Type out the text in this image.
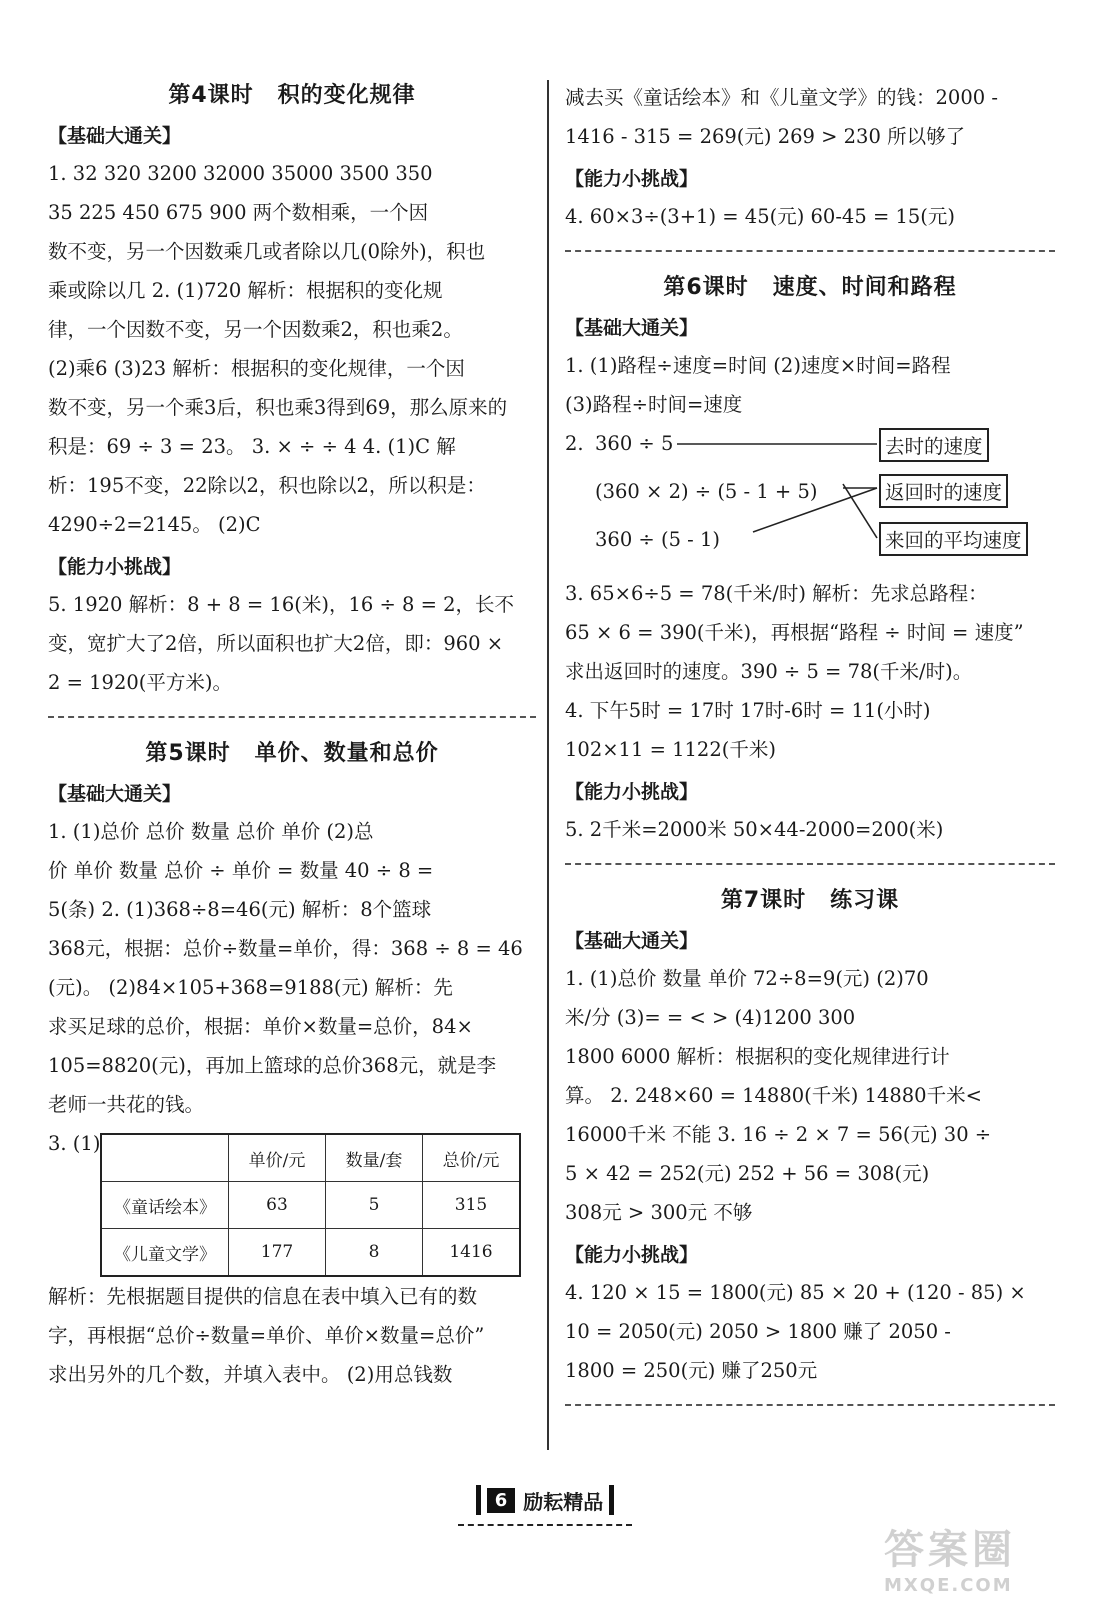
第4课时 积的变化规律
【基础大通关】

1. 32 320 3200 32000 35000 3500 350

35 225 450 675 900 两个数相乘，一个因

数不变，另一个因数乘几或者除以几(0除外)，积也

乘或除以几 2. (1)720 解析：根据积的变化规

律，一个因数不变，另一个因数乘2，积也乘2。

(2)乘6 (3)23 解析：根据积的变化规律，一个因

数不变，另一个乘3后，积也乘3得到69，那么原来的

积是：69 ÷ 3 = 23。 3. × ÷ ÷ 4 4. (1)C 解

析：195不变，22除以2，积也除以2，所以积是：

4290÷2=2145。 (2)C

【能力小挑战】

5. 1920 解析：8 + 8 = 16(米)，16 ÷ 8 = 2，长不

变，宽扩大了2倍，所以面积也扩大2倍，即：960 ×

2 = 1920(平方米)。

第5课时 单价、数量和总价
【基础大通关】

1. (1)总价 总价 数量 总价 单价 (2)总

价 单价 数量 总价 ÷ 单价 = 数量 40 ÷ 8 =

5(条) 2. (1)368÷8=46(元) 解析：8个篮球

368元，根据：总价÷数量=单价，得：368 ÷ 8 = 46

(元)。 (2)84×105+368=9188(元) 解析：先

求买足球的总价，根据：单价×数量=总价，84×

105=8820(元)，再加上篮球的总价368元，就是李

老师一共花的钱。

3. (1)

	单价/元	数量/套	总价/元
《童话绘本》	63	5	315
《儿童文学》	177	8	1416

解析：先根据题目提供的信息在表中填入已有的数

字，再根据“总价÷数量=单价、单价×数量=总价”

求出另外的几个数，并填入表中。 (2)用总钱数

减去买《童话绘本》和《儿童文学》的钱：2000 -

1416 - 315 = 269(元) 269 > 230 所以够了

【能力小挑战】

4. 60×3÷(3+1) = 45(元) 60-45 = 15(元)

第6课时 速度、时间和路程
【基础大通关】

1. (1)路程÷速度=时间 (2)速度×时间=路程

(3)路程÷时间=速度

2. 360 ÷ 5
(360 × 2) ÷ (5 - 1 + 5)
360 ÷ (5 - 1)
去时的速度
返回时的速度
来回的平均速度

3. 65×6÷5 = 78(千米/时) 解析：先求总路程：

65 × 6 = 390(千米)，再根据“路程 ÷ 时间 = 速度”

求出返回时的速度。390 ÷ 5 = 78(千米/时)。

4. 下午5时 = 17时 17时-6时 = 11(小时)

102×11 = 1122(千米)

【能力小挑战】

5. 2千米=2000米 50×44-2000=200(米)

第7课时 练习课
【基础大通关】

1. (1)总价 数量 单价 72÷8=9(元) (2)70

米/分 (3)= = < > (4)1200 300

1800 6000 解析：根据积的变化规律进行计

算。 2. 248×60 = 14880(千米) 14880千米<

16000千米 不能 3. 16 ÷ 2 × 7 = 56(元) 30 ÷

5 × 42 = 252(元) 252 + 56 = 308(元)

308元 > 300元 不够

【能力小挑战】

4. 120 × 15 = 1800(元) 85 × 20 + (120 - 85) ×

10 = 2050(元) 2050 > 1800 赚了 2050 -

1800 = 250(元) 赚了250元

6 励耘精品
答案圈
MXQE.COM
